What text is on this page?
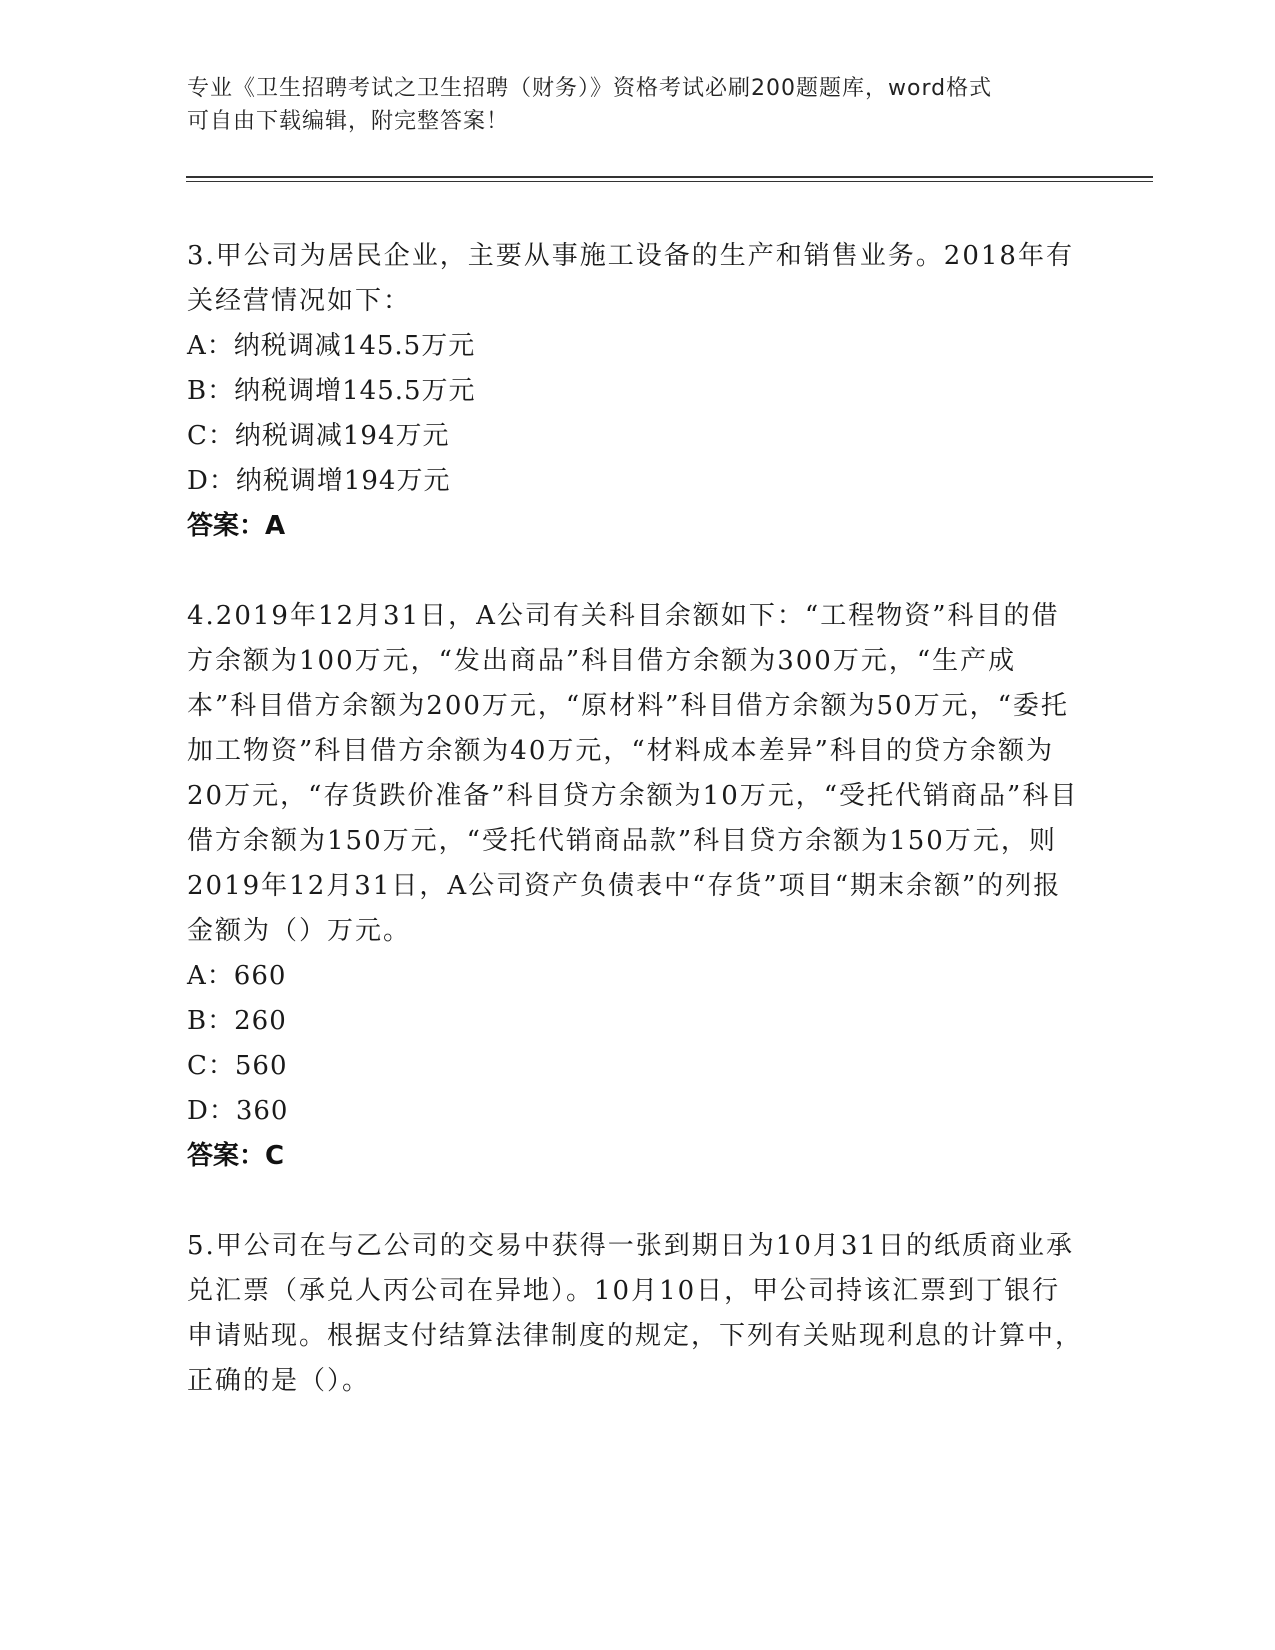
专业《卫生招聘考试之卫生招聘（财务）》资格考试必刷200题题库，word格式
可自由下载编辑，附完整答案！

3.甲公司为居民企业，主要从事施工设备的生产和销售业务。2018年有关经营情况如下：

A：纳税调减145.5万元

B：纳税调增145.5万元

C：纳税调减194万元

D：纳税调增194万元

答案：A

4.2019年12月31日，A公司有关科目余额如下：“工程物资”科目的借方余额为100万元，“发出商品”科目借方余额为300万元，“生产成本”科目借方余额为200万元，“原材料”科目借方余额为50万元，“委托加工物资”科目借方余额为40万元，“材料成本差异”科目的贷方余额为20万元，“存货跌价准备”科目贷方余额为10万元，“受托代销商品”科目借方余额为150万元，“受托代销商品款”科目贷方余额为150万元，则2019年12月31日，A公司资产负债表中“存货”项目“期末余额”的列报金额为（）万元。

A：660

B：260

C：560

D：360

答案：C

5.甲公司在与乙公司的交易中获得一张到期日为10月31日的纸质商业承兑汇票（承兑人丙公司在异地）。10月10日，甲公司持该汇票到丁银行申请贴现。根据支付结算法律制度的规定，下列有关贴现利息的计算中，正确的是（）。
